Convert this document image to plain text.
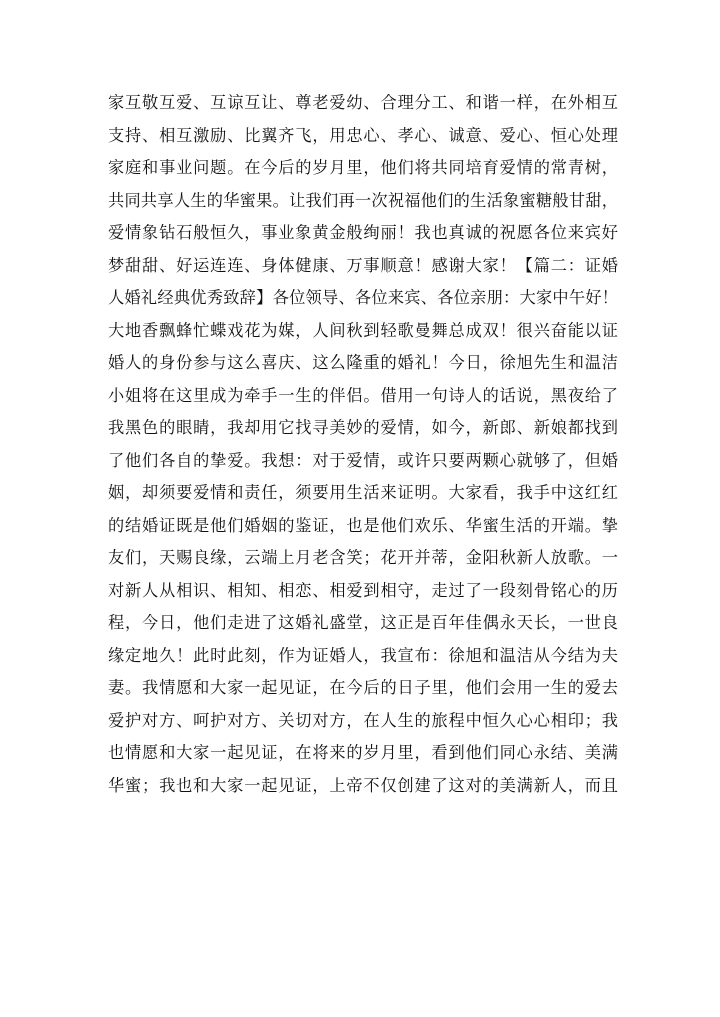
家互敬互爱、互谅互让、尊老爱幼、合理分工、和谐一样，在外相互
支持、相互激励、比翼齐飞，用忠心、孝心、诚意、爱心、恒心处理
家庭和事业问题。在今后的岁月里，他们将共同培育爱情的常青树，
共同共享人生的华蜜果。让我们再一次祝福他们的生活象蜜糖般甘甜，
爱情象钻石般恒久，事业象黄金般绚丽！我也真诚的祝愿各位来宾好
梦甜甜、好运连连、身体健康、万事顺意！感谢大家！【篇二：证婚
人婚礼经典优秀致辞】各位领导、各位来宾、各位亲朋：大家中午好！
大地香飘蜂忙蝶戏花为媒，人间秋到轻歌曼舞总成双！很兴奋能以证
婚人的身份参与这么喜庆、这么隆重的婚礼！今日，徐旭先生和温洁
小姐将在这里成为牵手一生的伴侣。借用一句诗人的话说，黑夜给了
我黑色的眼睛，我却用它找寻美妙的爱情，如今，新郎、新娘都找到
了他们各自的挚爱。我想：对于爱情，或许只要两颗心就够了，但婚
姻，却须要爱情和责任，须要用生活来证明。大家看，我手中这红红
的结婚证既是他们婚姻的鉴证，也是他们欢乐、华蜜生活的开端。挚
友们，天赐良缘，云端上月老含笑；花开并蒂，金阳秋新人放歌。一
对新人从相识、相知、相恋、相爱到相守，走过了一段刻骨铭心的历
程，今日，他们走进了这婚礼盛堂，这正是百年佳偶永天长，一世良
缘定地久！此时此刻，作为证婚人，我宣布：徐旭和温洁从今结为夫
妻。我情愿和大家一起见证，在今后的日子里，他们会用一生的爱去
爱护对方、呵护对方、关切对方，在人生的旅程中恒久心心相印；我
也情愿和大家一起见证，在将来的岁月里，看到他们同心永结、美满
华蜜；我也和大家一起见证，上帝不仅创建了这对的美满新人，而且
